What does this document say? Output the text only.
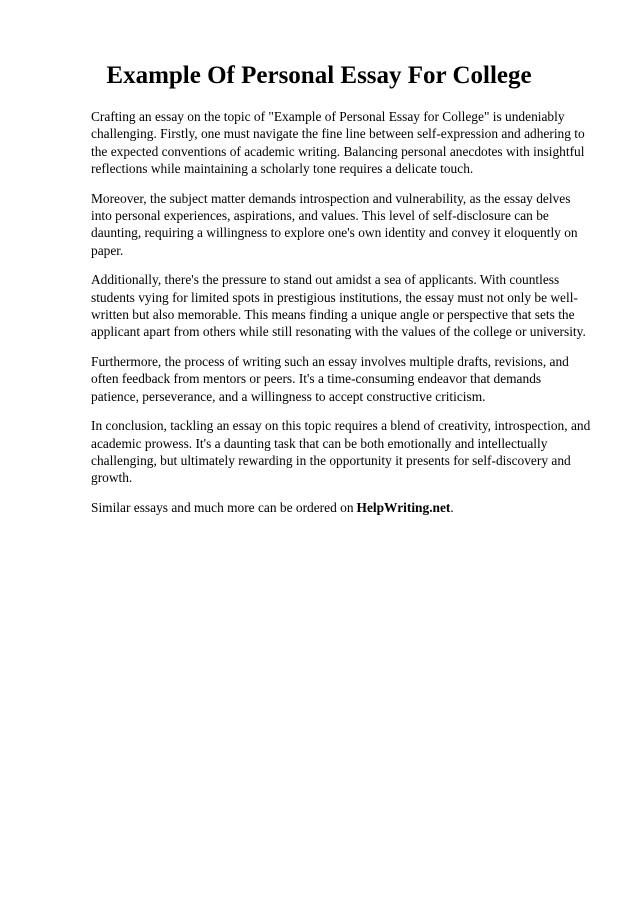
Example Of Personal Essay For College

Crafting an essay on the topic of "Example of Personal Essay for College" is undeniably challenging. Firstly, one must navigate the fine line between self-expression and adhering to the expected conventions of academic writing. Balancing personal anecdotes with insightful reflections while maintaining a scholarly tone requires a delicate touch.

Moreover, the subject matter demands introspection and vulnerability, as the essay delves into personal experiences, aspirations, and values. This level of self-disclosure can be daunting, requiring a willingness to explore one's own identity and convey it eloquently on paper.

Additionally, there's the pressure to stand out amidst a sea of applicants. With countless students vying for limited spots in prestigious institutions, the essay must not only be well-written but also memorable. This means finding a unique angle or perspective that sets the applicant apart from others while still resonating with the values of the college or university.

Furthermore, the process of writing such an essay involves multiple drafts, revisions, and often feedback from mentors or peers. It's a time-consuming endeavor that demands patience, perseverance, and a willingness to accept constructive criticism.

In conclusion, tackling an essay on this topic requires a blend of creativity, introspection, and academic prowess. It's a daunting task that can be both emotionally and intellectually challenging, but ultimately rewarding in the opportunity it presents for self-discovery and growth.

Similar essays and much more can be ordered on HelpWriting.net.
